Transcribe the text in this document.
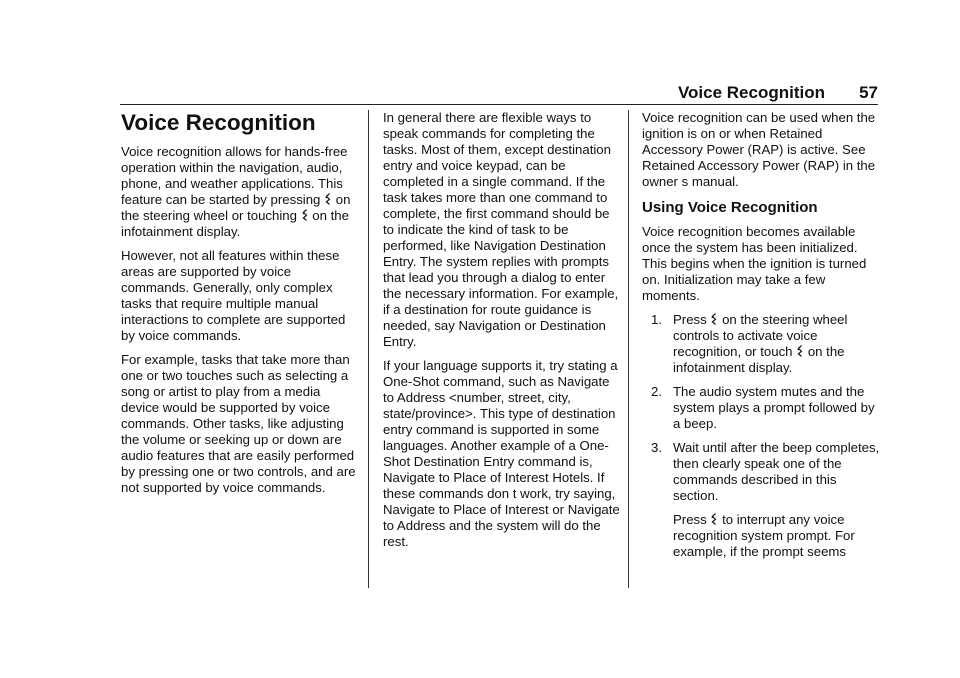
Voice Recognition	57
Voice Recognition

Voice recognition allows for hands-free operation within the navigation, audio, phone, and weather applications. This feature can be started by pressing on the steering wheel or touching on the infotainment display.

However, not all features within these areas are supported by voice commands. Generally, only complex tasks that require multiple manual interactions to complete are supported by voice commands.

For example, tasks that take more than one or two touches such as selecting a song or artist to play from a media device would be supported by voice commands. Other tasks, like adjusting the volume or seeking up or down are audio features that are easily performed by pressing one or two controls, and are not supported by voice commands.

In general there are flexible ways to speak commands for completing the tasks. Most of them, except destination entry and voice keypad, can be completed in a single command. If the task takes more than one command to complete, the first command should be to indicate the kind of task to be performed, like Navigation Destination Entry. The system replies with prompts that lead you through a dialog to enter the necessary information. For example, if a destination for route guidance is needed, say Navigation or Destination Entry.

If your language supports it, try stating a One-Shot command, such as Navigate to Address <number, street, city, state/province>. This type of destination entry command is supported in some languages. Another example of a One-Shot Destination Entry command is, Navigate to Place of Interest Hotels. If these commands don t work, try saying, Navigate to Place of Interest or Navigate to Address and the system will do the rest.

Voice recognition can be used when the ignition is on or when Retained Accessory Power (RAP) is active. See Retained Accessory Power (RAP) in the owner s manual.

Using Voice Recognition

Voice recognition becomes available once the system has been initialized. This begins when the ignition is turned on. Initialization may take a few moments.

1. Press on the steering wheel controls to activate voice recognition, or touch on the infotainment display.
2. The audio system mutes and the system plays a prompt followed by a beep.
3. Wait until after the beep completes, then clearly speak one of the commands described in this section.

Press to interrupt any voice recognition system prompt. For example, if the prompt seems
